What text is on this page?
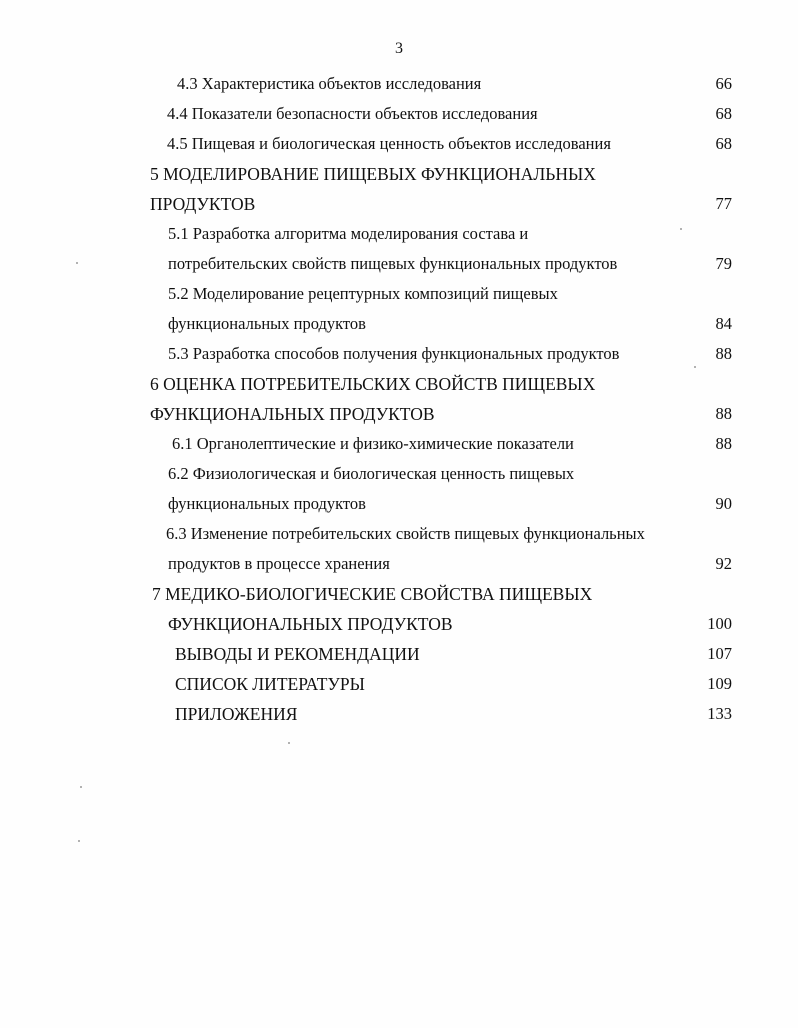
3
4.3 Характеристика объектов исследования	66
4.4 Показатели безопасности объектов исследования	68
4.5 Пищевая и биологическая ценность объектов исследования	68
5 МОДЕЛИРОВАНИЕ ПИЩЕВЫХ ФУНКЦИОНАЛЬНЫХ
ПРОДУКТОВ	77
5.1 Разработка алгоритма моделирования состава и
потребительских свойств пищевых функциональных продуктов	79
5.2 Моделирование рецептурных композиций пищевых
функциональных продуктов	84
5.3 Разработка способов получения функциональных продуктов	88
6 ОЦЕНКА ПОТРЕБИТЕЛЬСКИХ СВОЙСТВ ПИЩЕВЫХ
ФУНКЦИОНАЛЬНЫХ ПРОДУКТОВ	88
6.1 Органолептические и физико-химические показатели	88
6.2 Физиологическая и биологическая ценность пищевых
функциональных продуктов	90
6.3 Изменение потребительских свойств пищевых функциональных
продуктов в процессе хранения	92
7 МЕДИКО-БИОЛОГИЧЕСКИЕ СВОЙСТВА ПИЩЕВЫХ
ФУНКЦИОНАЛЬНЫХ ПРОДУКТОВ	100
ВЫВОДЫ И РЕКОМЕНДАЦИИ	107
СПИСОК ЛИТЕРАТУРЫ	109
ПРИЛОЖЕНИЯ	133
